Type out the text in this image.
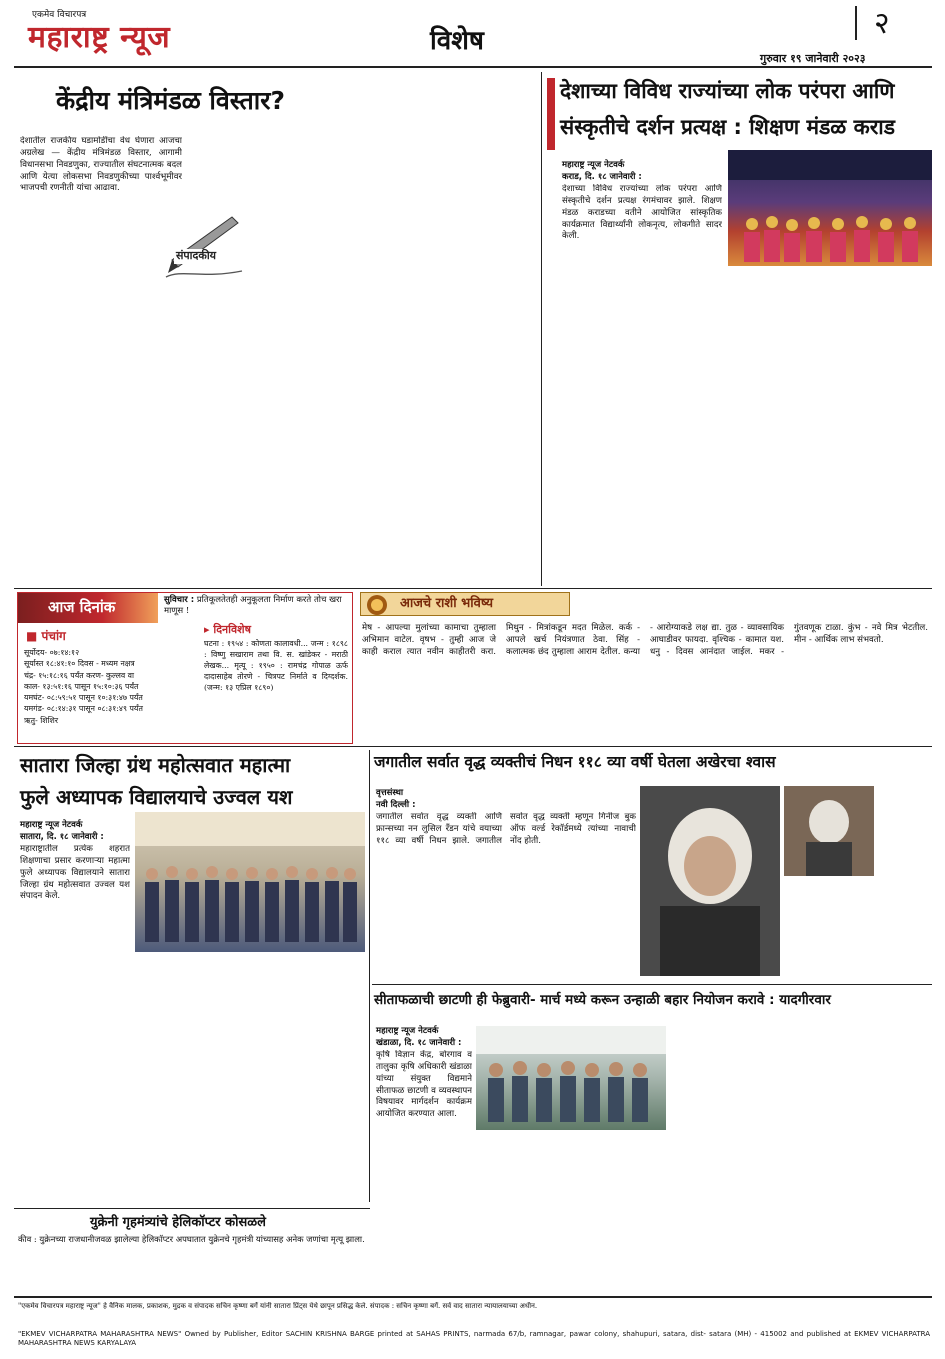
एकमेव विचारपत्र
महाराष्ट्र न्यूज	विशेष	२
गुरुवार १९ जानेवारी २०२३
केंद्रीय मंत्रिमंडळ विस्तार?
देशातील राजकीय घडामोडींचा वेध घेणारा आजचा अग्रलेख — केंद्रीय मंत्रिमंडळ विस्तार, आगामी विधानसभा निवडणुका, राज्यातील संघटनात्मक बदल आणि येत्या लोकसभा निवडणुकीच्या पार्श्वभूमीवर भाजपची रणनीती यांचा आढावा.
संपादकीय
देशाच्या विविध राज्यांच्या लोक परंपरा आणि
संस्कृतीचे दर्शन प्रत्यक्ष : शिक्षण मंडळ कराड
महाराष्ट्र न्यूज नेटवर्क
कराड, दि. १८ जानेवारी :
देशाच्या विविध राज्यांच्या लोक परंपरा आणि संस्कृतीचे दर्शन प्रत्यक्ष रंगमंचावर झाले. शिक्षण मंडळ कराडच्या वतीने आयोजित सांस्कृतिक कार्यक्रमात विद्यार्थ्यांनी लोकनृत्य, लोकगीते सादर केली.
आज दिनांक	सुविचार : प्रतिकूलतेतही अनुकूलता निर्माण करते तोच खरा माणूस !
■ पंचांग
सूर्योदय- ०७:१४:१२
सूर्यास्त १८:४१:१० दिवस - मध्यम नक्षत्र
चंद्र- १५:१८:१६ पर्यंत करण- कुल्लव वा
काल- १३:५१:१६ पासून १५:१०:३६ पर्यंत
यमघंट- ०८:५९:५१ पासून १०:३१:४७ पर्यंत
यमगंड- ०८:१४:३१ पासून ०८:३१:४९ पर्यंत
ऋतु- शिशिर
▸ दिनविशेष
घटना : १९५४ : कोणता कालावधी... जन्म : १८९८ : विष्णु सखाराम तथा वि. स. खांडेकर - मराठी लेखक... मृत्यू : १९५० : रामचंद्र गोपाळ ऊर्फ दादासाहेब तोरणे - चित्रपट निर्माते व दिग्दर्शक. (जन्म: १३ एप्रिल १८९०)
आजचे राशी भविष्य
मेष - आपल्या मुलांच्या कामाचा तुम्हाला अभिमान वाटेल. वृषभ - तुम्ही आज जे काही कराल त्यात नवीन काहीतरी करा. मिथुन - मित्रांकडून मदत मिळेल. कर्क - आपले खर्च नियंत्रणात ठेवा. सिंह - कलात्मक छंद तुम्हाला आराम देतील. कन्या - आरोग्याकडे लक्ष द्या. तुळ - व्यावसायिक आघाडीवर फायदा. वृश्चिक - कामात यश. धनु - दिवस आनंदात जाईल. मकर - गुंतवणूक टाळा. कुंभ - नवे मित्र भेटतील. मीन - आर्थिक लाभ संभवतो.
सातारा जिल्हा ग्रंथ महोत्सवात महात्मा
फुले अध्यापक विद्यालयाचे उज्वल यश
महाराष्ट्र न्यूज नेटवर्क
सातारा, दि. १८ जानेवारी :
महाराष्ट्रातील प्रत्येक शहरात शिक्षणाचा प्रसार करणाऱ्या महात्मा फुले अध्यापक विद्यालयाने सातारा जिल्हा ग्रंथ महोत्सवात उज्वल यश संपादन केले.
जगातील सर्वात वृद्ध व्यक्तीचं निधन ११८ व्या वर्षी घेतला अखेरचा श्वास
वृत्तसंस्था
नवी दिल्ली :
जगातील सर्वात वृद्ध व्यक्ती आणि फ्रान्सच्या नन लुसिल रँडन यांचे वयाच्या ११८ व्या वर्षी निधन झाले. जगातील सर्वात वृद्ध व्यक्ती म्हणून गिनीज बुक ऑफ वर्ल्ड रेकॉर्डमध्ये त्यांच्या नावाची नोंद होती.
सीताफळाची छाटणी ही फेब्रुवारी- मार्च मध्ये करून उन्हाळी बहार नियोजन करावे : यादगीरवार
महाराष्ट्र न्यूज नेटवर्क
खंडाळा, दि. १८ जानेवारी :
कृषि विज्ञान केंद्र, बोरगाव व तालुका कृषि अधिकारी खंडाळा यांच्या संयुक्त विद्यमाने सीताफळ छाटणी व व्यवस्थापन विषयावर मार्गदर्शन कार्यक्रम आयोजित करण्यात आला.
युक्रेनी गृहमंत्र्यांचे हेलिकॉप्टर कोसळले
कीव : युक्रेनच्या राजधानीजवळ झालेल्या हेलिकॉप्टर अपघातात युक्रेनचे गृहमंत्री यांच्यासह अनेक जणांचा मृत्यू झाला.
"एकमेव विचारपत्र महाराष्ट्र न्यूज" हे वैनिक मालक, प्रकाशक, मुद्रक व संपादक सचिन कृष्णा बर्गे यांनी सातारा प्रिंट्स येथे छापून प्रसिद्ध केले. संपादक : सचिन कृष्णा बर्गे. सर्व वाद सातारा न्यायालयाच्या अधीन.
"EKMEV VICHARPATRA MAHARASHTRA NEWS" Owned by Publisher, Editor SACHIN KRISHNA BARGE printed at SAHAS PRINTS, narmada 67/b, ramnagar, pawar colony, shahupuri, satara, dist- satara (MH) - 415002 and published at EKMEV VICHARPATRA MAHARASHTRA NEWS KARYALAYA
